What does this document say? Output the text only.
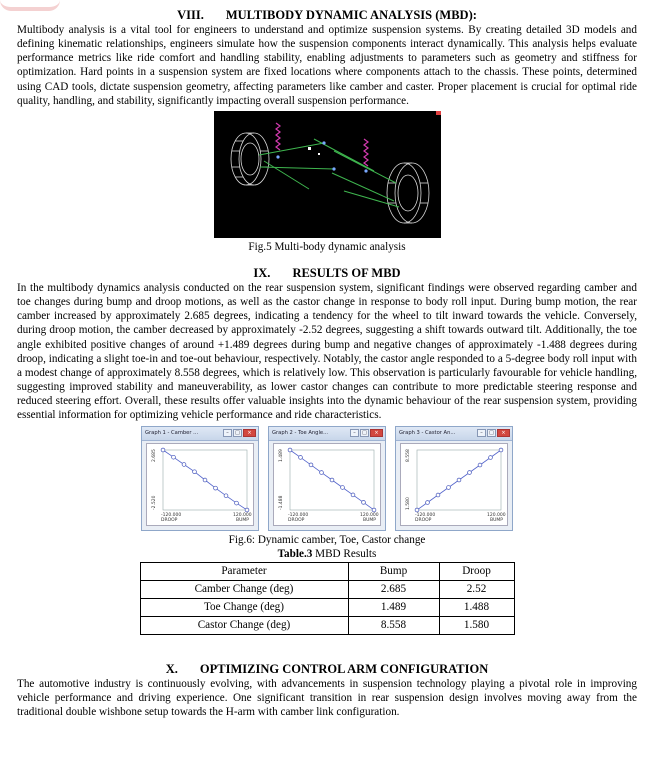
VIII. MULTIBODY DYNAMIC ANALYSIS (MBD):

Multibody analysis is a vital tool for engineers to understand and optimize suspension systems. By creating detailed 3D models and defining kinematic relationships, engineers simulate how the suspension components interact dynamically. This analysis helps evaluate performance metrics like ride comfort and handling stability, enabling adjustments to parameters such as geometry and stiffness for optimization. Hard points in a suspension system are fixed locations where components attach to the chassis. These points, determined using CAD tools, dictate suspension geometry, affecting parameters like camber and caster. Proper placement is crucial for optimal ride quality, handling, and stability, significantly impacting overall suspension performance.

Fig.5 Multi-body dynamic analysis

IX. RESULTS OF MBD

In the multibody dynamics analysis conducted on the rear suspension system, significant findings were observed regarding camber and toe changes during bump and droop motions, as well as the castor change in response to body roll input. During bump motion, the rear camber increased by approximately 2.685 degrees, indicating a tendency for the wheel to tilt inward towards the vehicle. Conversely, during droop motion, the camber decreased by approximately -2.52 degrees, suggesting a shift towards outward tilt. Additionally, the toe angle exhibited positive changes of around +1.489 degrees during bump and negative changes of approximately -1.488 degrees during droop, indicating a slight toe-in and toe-out behaviour, respectively. Notably, the castor angle responded to a 5-degree body roll input with a modest change of approximately 8.558 degrees, which is relatively low. This observation is particularly favourable for vehicle handling, suggesting improved stability and maneuverability, as lower castor changes can contribute to more predictable steering response and reduced steering effort. Overall, these results offer valuable insights into the dynamic behaviour of the rear suspension system, providing essential information for optimizing vehicle performance and ride characteristics.

Graph 1 - Camber ...	–	□	×
2.685
-2.520
-120.000	120.000
DROOP	BUMP
Graph 2 - Toe Angle...	–	□	×
1.489
-1.488
-120.000	120.000
DROOP	BUMP
Graph 3 - Castor An...	–	□	×
8.558
1.580
-120.000	120.000
DROOP	BUMP

Fig.6: Dynamic camber, Toe, Castor change

Table.3 MBD Results

Parameter	Bump	Droop
Camber Change (deg)	2.685	2.52
Toe Change (deg)	1.489	1.488
Castor Change (deg)	8.558	1.580
X. OPTIMIZING CONTROL ARM CONFIGURATION

The automotive industry is continuously evolving, with advancements in suspension technology playing a pivotal role in improving vehicle performance and driving experience. One significant transition in rear suspension design involves moving away from the traditional double wishbone setup towards the H-arm with camber link configuration.
